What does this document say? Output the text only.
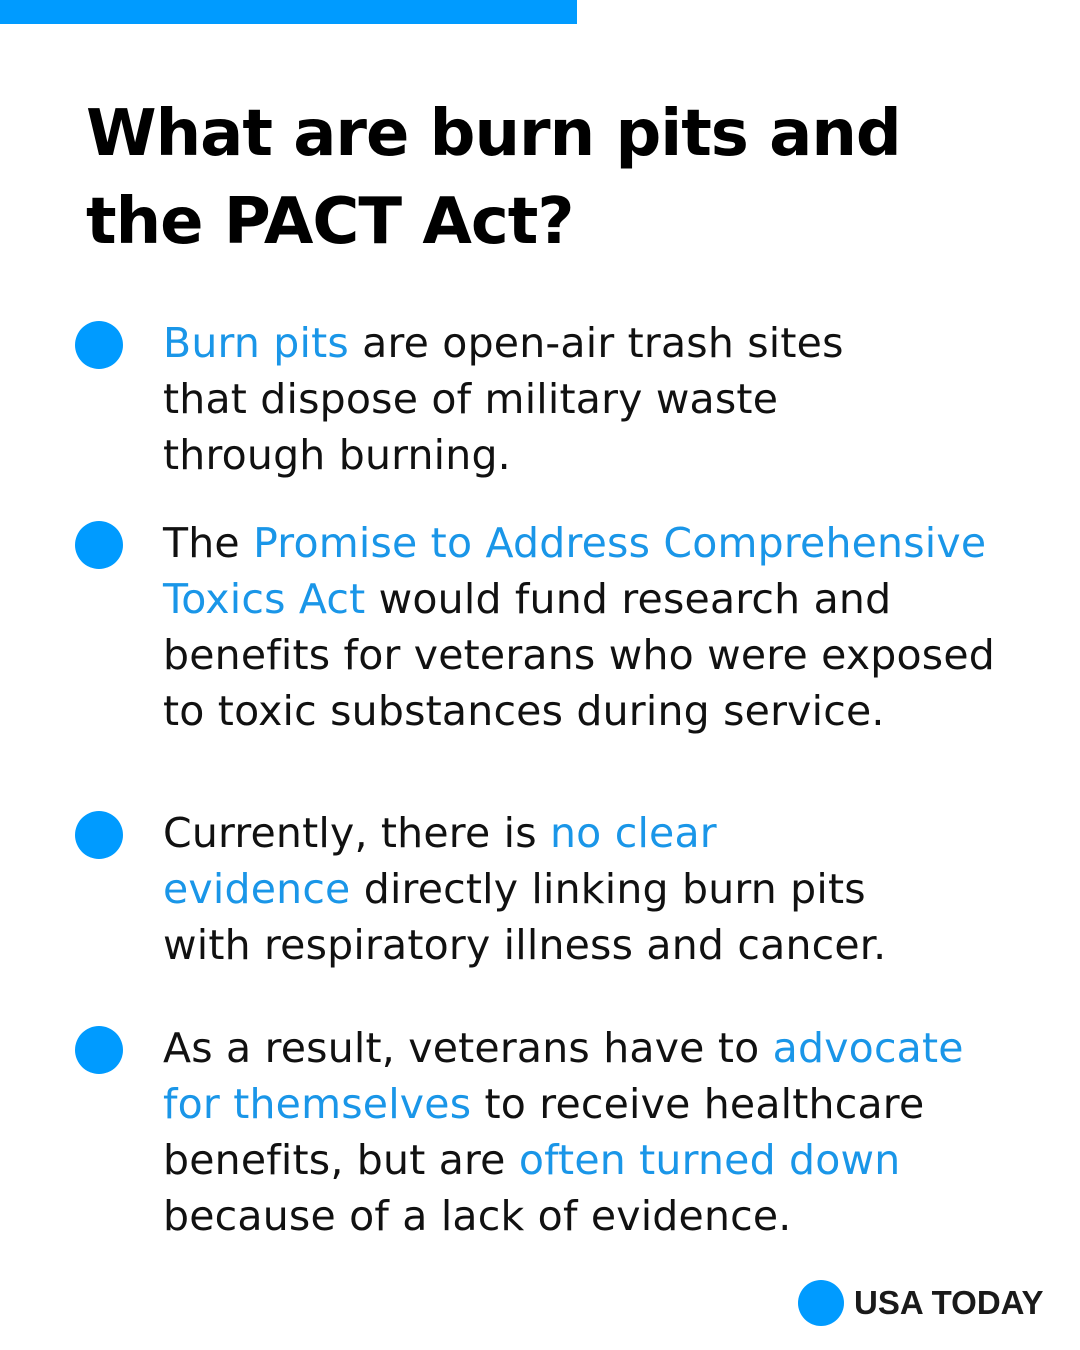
What are burn pits and
the PACT Act?

Burn pits are open-air trash sites
that dispose of military waste
through burning.

The Promise to Address Comprehensive
Toxics Act would fund research and
benefits for veterans who were exposed
to toxic substances during service.

Currently, there is no clear
evidence directly linking burn pits
with respiratory illness and cancer.

As a result, veterans have to advocate
for themselves to receive healthcare
benefits, but are often turned down
because of a lack of evidence.

USA TODAY
